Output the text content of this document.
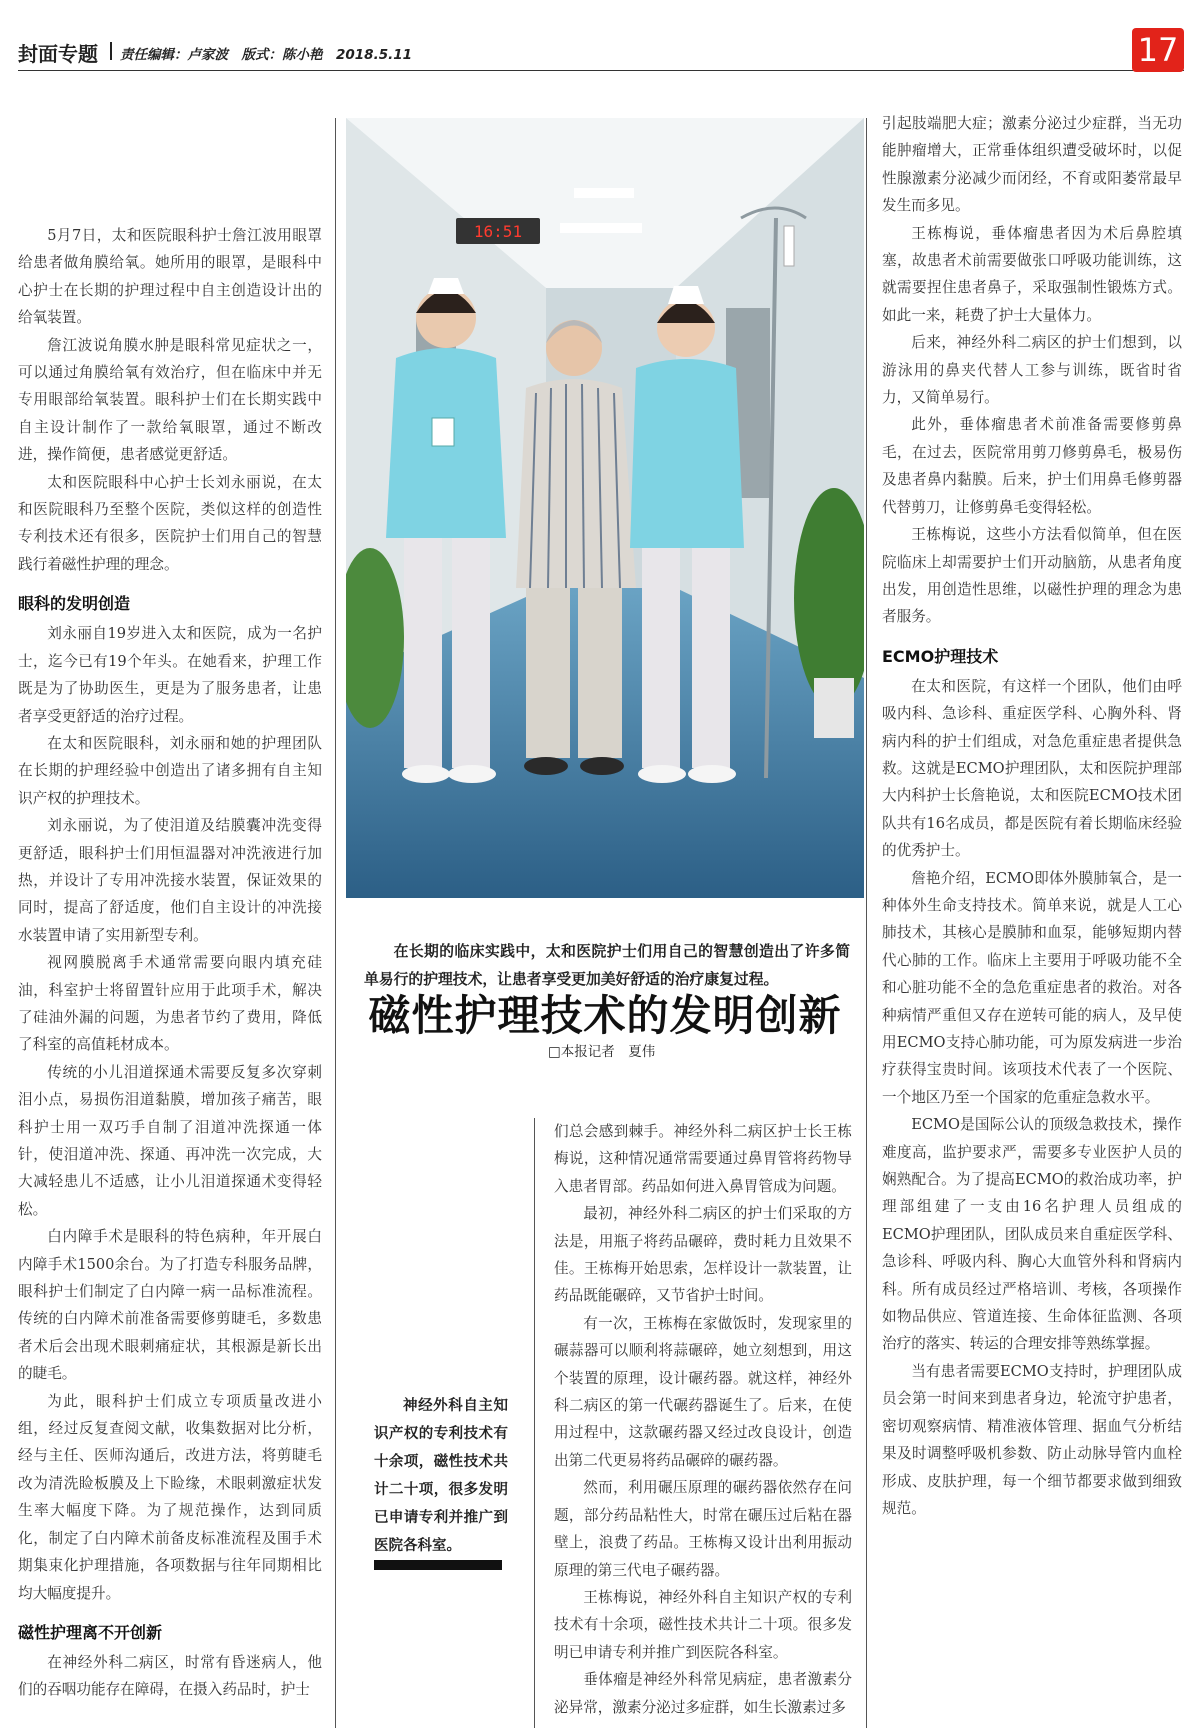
封面专题 责任编辑：卢家波　版式：陈小艳　2018.5.11	17

5月7日，太和医院眼科护士詹江波用眼罩给患者做角膜给氧。她所用的眼罩，是眼科中心护士在长期的护理过程中自主创造设计出的给氧装置。

詹江波说角膜水肿是眼科常见症状之一，可以通过角膜给氧有效治疗，但在临床中并无专用眼部给氧装置。眼科护士们在长期实践中自主设计制作了一款给氧眼罩，通过不断改进，操作简便，患者感觉更舒适。

太和医院眼科中心护士长刘永丽说，在太和医院眼科乃至整个医院，类似这样的创造性专利技术还有很多，医院护士们用自己的智慧践行着磁性护理的理念。

眼科的发明创造

刘永丽自19岁进入太和医院，成为一名护士，迄今已有19个年头。在她看来，护理工作既是为了协助医生，更是为了服务患者，让患者享受更舒适的治疗过程。

在太和医院眼科，刘永丽和她的护理团队在长期的护理经验中创造出了诸多拥有自主知识产权的护理技术。

刘永丽说，为了使泪道及结膜囊冲洗变得更舒适，眼科护士们用恒温器对冲洗液进行加热，并设计了专用冲洗接水装置，保证效果的同时，提高了舒适度，他们自主设计的冲洗接水装置申请了实用新型专利。

视网膜脱离手术通常需要向眼内填充硅油，科室护士将留置针应用于此项手术，解决了硅油外漏的问题，为患者节约了费用，降低了科室的高值耗材成本。

传统的小儿泪道探通术需要反复多次穿刺泪小点，易损伤泪道黏膜，增加孩子痛苦，眼科护士用一双巧手自制了泪道冲洗探通一体针，使泪道冲洗、探通、再冲洗一次完成，大大减轻患儿不适感，让小儿泪道探通术变得轻松。

白内障手术是眼科的特色病种，年开展白内障手术1500余台。为了打造专科服务品牌，眼科护士们制定了白内障一病一品标准流程。传统的白内障术前准备需要修剪睫毛，多数患者术后会出现术眼刺痛症状，其根源是新长出的睫毛。

为此，眼科护士们成立专项质量改进小组，经过反复查阅文献，收集数据对比分析，经与主任、医师沟通后，改进方法，将剪睫毛改为清洗睑板膜及上下睑缘，术眼刺激症状发生率大幅度下降。为了规范操作，达到同质化，制定了白内障术前备皮标准流程及围手术期集束化护理措施，各项数据与往年同期相比均大幅度提升。

磁性护理离不开创新

在神经外科二病区，时常有昏迷病人，他们的吞咽功能存在障碍，在摄入药品时，护士

16:51
在长期的临床实践中，太和医院护士们用自己的智慧创造出了许多简单易行的护理技术，让患者享受更加美好舒适的治疗康复过程。
磁性护理技术的发明创新
□本报记者　夏伟
神经外科自主知识产权的专利技术有十余项，磁性技术共计二十项，很多发明已申请专利并推广到医院各科室。

们总会感到棘手。神经外科二病区护士长王栋梅说，这种情况通常需要通过鼻胃管将药物导入患者胃部。药品如何进入鼻胃管成为问题。

最初，神经外科二病区的护士们采取的方法是，用瓶子将药品碾碎，费时耗力且效果不佳。王栋梅开始思索，怎样设计一款装置，让药品既能碾碎，又节省护士时间。

有一次，王栋梅在家做饭时，发现家里的碾蒜器可以顺利将蒜碾碎，她立刻想到，用这个装置的原理，设计碾药器。就这样，神经外科二病区的第一代碾药器诞生了。后来，在使用过程中，这款碾药器又经过改良设计，创造出第二代更易将药品碾碎的碾药器。

然而，利用碾压原理的碾药器依然存在问题，部分药品粘性大，时常在碾压过后粘在器壁上，浪费了药品。王栋梅又设计出利用振动原理的第三代电子碾药器。

王栋梅说，神经外科自主知识产权的专利技术有十余项，磁性技术共计二十项。很多发明已申请专利并推广到医院各科室。

垂体瘤是神经外科常见病症，患者激素分泌异常，激素分泌过多症群，如生长激素过多

引起肢端肥大症；激素分泌过少症群，当无功能肿瘤增大，正常垂体组织遭受破坏时，以促性腺激素分泌减少而闭经，不育或阳萎常最早发生而多见。

王栋梅说，垂体瘤患者因为术后鼻腔填塞，故患者术前需要做张口呼吸功能训练，这就需要捏住患者鼻子，采取强制性锻炼方式。如此一来，耗费了护士大量体力。

后来，神经外科二病区的护士们想到，以游泳用的鼻夹代替人工参与训练，既省时省力，又简单易行。

此外，垂体瘤患者术前准备需要修剪鼻毛，在过去，医院常用剪刀修剪鼻毛，极易伤及患者鼻内黏膜。后来，护士们用鼻毛修剪器代替剪刀，让修剪鼻毛变得轻松。

王栋梅说，这些小方法看似简单，但在医院临床上却需要护士们开动脑筋，从患者角度出发，用创造性思维，以磁性护理的理念为患者服务。

ECMO护理技术

在太和医院，有这样一个团队，他们由呼吸内科、急诊科、重症医学科、心胸外科、肾病内科的护士们组成，对急危重症患者提供急救。这就是ECMO护理团队，太和医院护理部大内科护士长詹艳说，太和医院ECMO技术团队共有16名成员，都是医院有着长期临床经验的优秀护士。

詹艳介绍，ECMO即体外膜肺氧合，是一种体外生命支持技术。简单来说，就是人工心肺技术，其核心是膜肺和血泵，能够短期内替代心肺的工作。临床上主要用于呼吸功能不全和心脏功能不全的急危重症患者的救治。对各种病情严重但又存在逆转可能的病人，及早使用ECMO支持心肺功能，可为原发病进一步治疗获得宝贵时间。该项技术代表了一个医院、一个地区乃至一个国家的危重症急救水平。

ECMO是国际公认的顶级急救技术，操作难度高，监护要求严，需要多专业医护人员的娴熟配合。为了提高ECMO的救治成功率，护理部组建了一支由16名护理人员组成的ECMO护理团队，团队成员来自重症医学科、急诊科、呼吸内科、胸心大血管外科和肾病内科。所有成员经过严格培训、考核，各项操作如物品供应、管道连接、生命体征监测、各项治疗的落实、转运的合理安排等熟练掌握。

当有患者需要ECMO支持时，护理团队成员会第一时间来到患者身边，轮流守护患者，密切观察病情、精准液体管理、据血气分析结果及时调整呼吸机参数、防止动脉导管内血栓形成、皮肤护理，每一个细节都要求做到细致规范。
